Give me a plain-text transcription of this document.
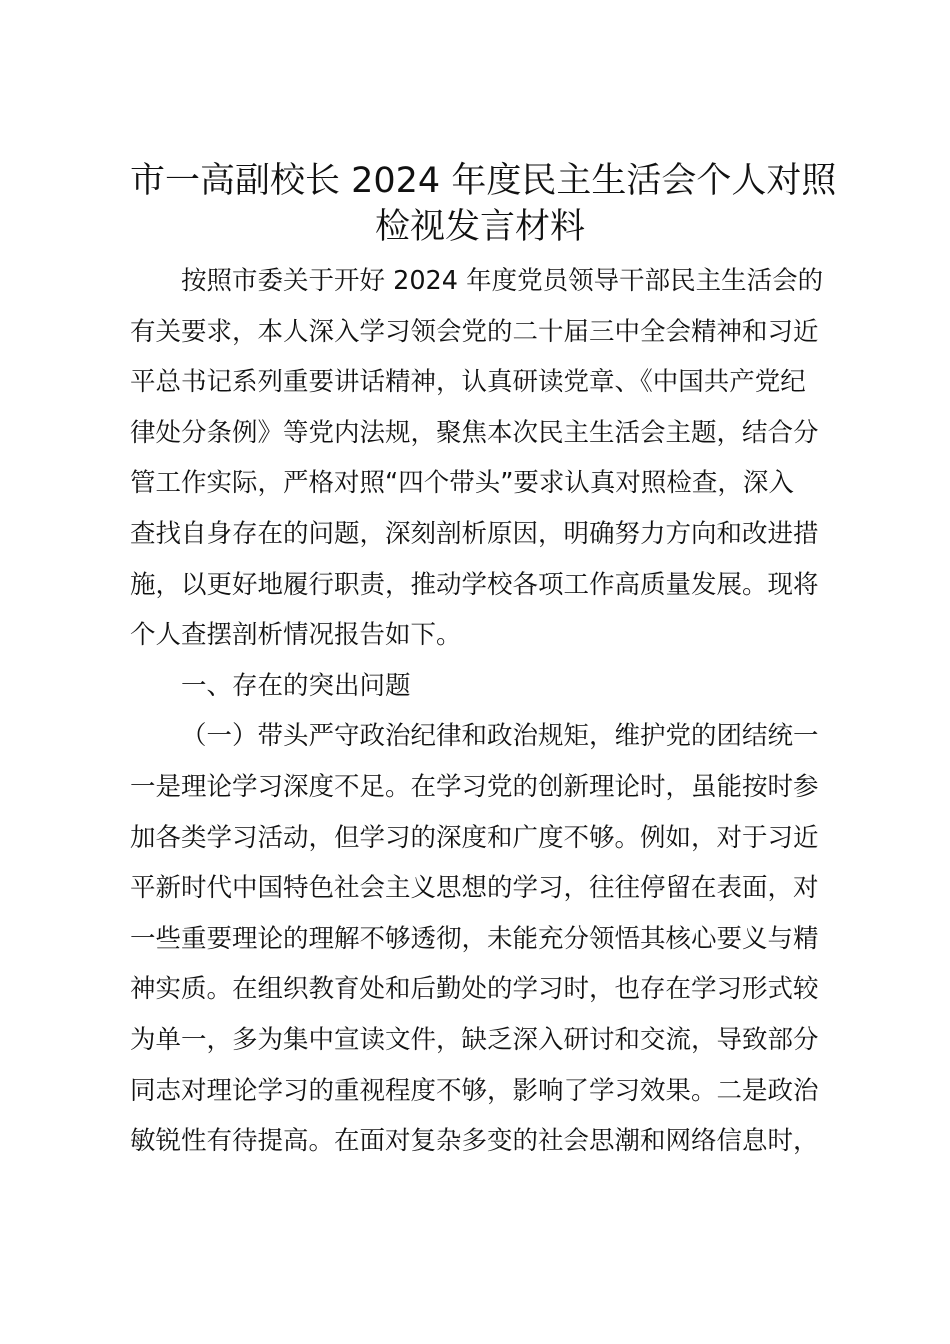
市一高副校长 2024 年度民主生活会个人对照
检视发言材料
按照市委关于开好 2024 年度党员领导干部民主生活会的
有关要求，本人深入学习领会党的二十届三中全会精神和习近
平总书记系列重要讲话精神，认真研读党章、《中国共产党纪
律处分条例》等党内法规，聚焦本次民主生活会主题，结合分
管工作实际，严格对照“四个带头”要求认真对照检查，深入
查找自身存在的问题，深刻剖析原因，明确努力方向和改进措
施，以更好地履行职责，推动学校各项工作高质量发展。现将
个人查摆剖析情况报告如下。
一、存在的突出问题
（一）带头严守政治纪律和政治规矩，维护党的团结统一
一是理论学习深度不足。在学习党的创新理论时，虽能按时参
加各类学习活动，但学习的深度和广度不够。例如，对于习近
平新时代中国特色社会主义思想的学习，往往停留在表面，对
一些重要理论的理解不够透彻，未能充分领悟其核心要义与精
神实质。在组织教育处和后勤处的学习时，也存在学习形式较
为单一，多为集中宣读文件，缺乏深入研讨和交流，导致部分
同志对理论学习的重视程度不够，影响了学习效果。二是政治
敏锐性有待提高。在面对复杂多变的社会思潮和网络信息时，
